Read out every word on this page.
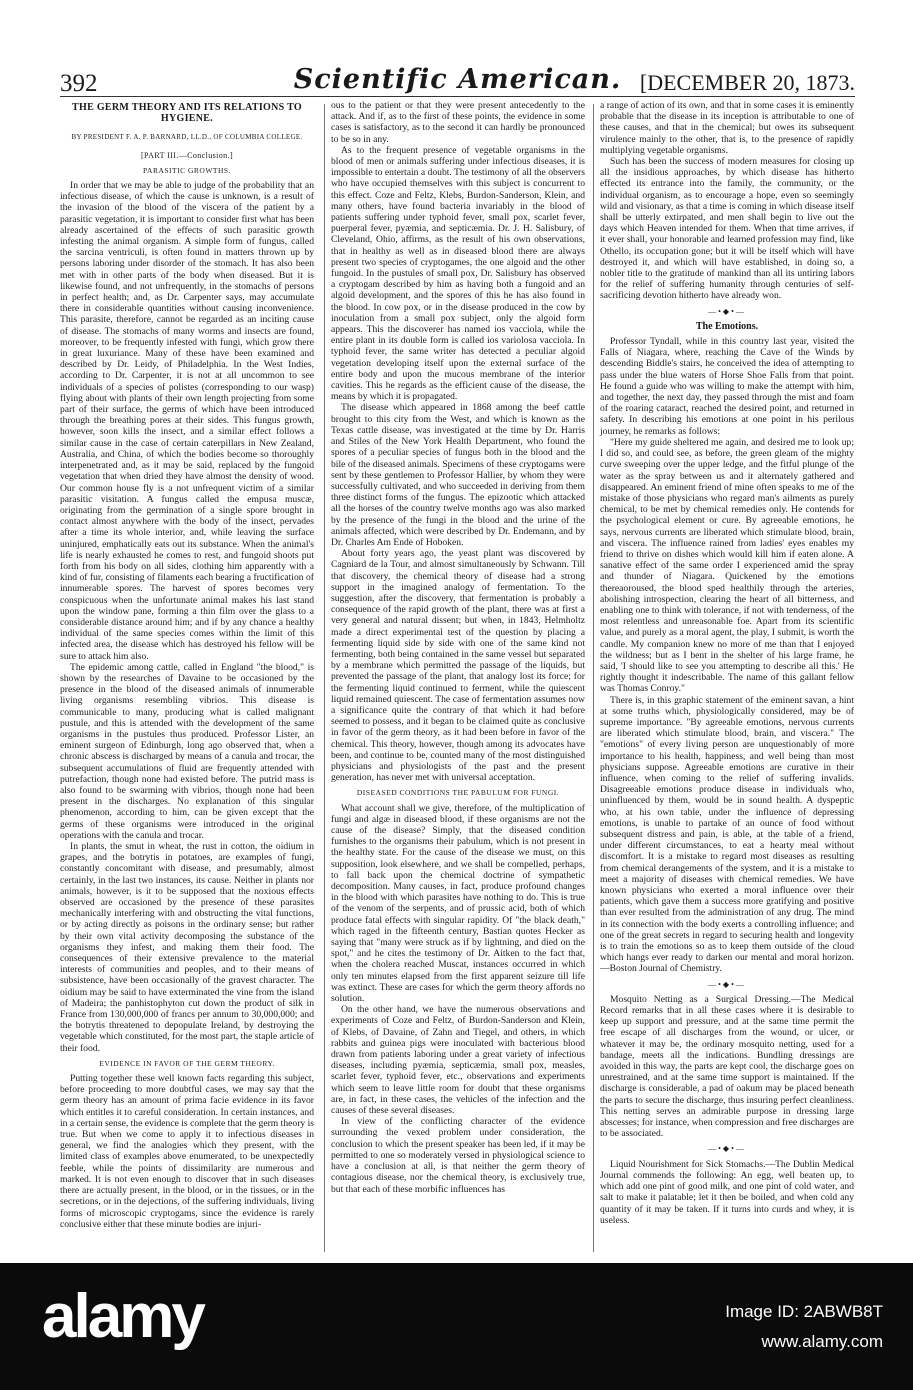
392	Scientific American. [DECEMBER 20, 1873.

THE GERM THEORY AND ITS RELATIONS TO HYGIENE.

BY PRESIDENT F. A. P. BARNARD, LL.D., OF COLUMBIA COLLEGE.

[PART III.—Conclusion.]

PARASITIC GROWTHS.

In order that we may be able to judge of the probability that an infectious disease, of which the cause is unknown, is a result of the invasion of the blood of the viscera of the patient by a parasitic vegetation, it is important to consider first what has been already ascertained of the effects of such parasitic growth infesting the animal organism. A simple form of fungus, called the sarcina ventriculi, is often found in matters thrown up by persons laboring under disorder of the stomach. It has also been met with in other parts of the body when diseased. But it is likewise found, and not unfrequently, in the stomachs of persons in perfect health; and, as Dr. Carpenter says, may accumulate there in considerable quantities without causing inconvenience. This parasite, therefore, cannot be regarded as an inciting cause of disease. The stomachs of many worms and insects are found, moreover, to be frequently infested with fungi, which grow there in great luxuriance. Many of these have been examined and described by Dr. Leidy, of Philadelphia. In the West Indies, according to Dr. Carpenter, it is not at all uncommon to see individuals of a species of polistes (corresponding to our wasp) flying about with plants of their own length projecting from some part of their surface, the germs of which have been introduced through the breathing pores at their sides. This fungus growth, however, soon kills the insect, and a similar effect follows a similar cause in the case of certain caterpillars in New Zealand, Australia, and China, of which the bodies become so thoroughly interpenetrated and, as it may be said, replaced by the fungoid vegetation that when dried they have almost the density of wood. Our common house fly is a not unfrequent victim of a similar parasitic visitation. A fungus called the empusa muscæ, originating from the germination of a single spore brought in contact almost anywhere with the body of the insect, pervades after a time its whole interior, and, while leaving the surface uninjured, emphatically eats out its substance. When the animal's life is nearly exhausted he comes to rest, and fungoid shoots put forth from his body on all sides, clothing him apparently with a kind of fur, consisting of filaments each bearing a fructification of innumerable spores. The harvest of spores becomes very conspicuous when the unfortunate animal makes his last stand upon the window pane, forming a thin film over the glass to a considerable distance around him; and if by any chance a healthy individual of the same species comes within the limit of this infected area, the disease which has destroyed his fellow will be sure to attack him also.

The epidemic among cattle, called in England "the blood," is shown by the researches of Davaine to be occasioned by the presence in the blood of the diseased animals of innumerable living organisms resembling vibrios. This disease is communicable to many, producing what is called malignant pustule, and this is attended with the development of the same organisms in the pustules thus produced. Professor Lister, an eminent surgeon of Edinburgh, long ago observed that, when a chronic abscess is discharged by means of a canula and trocar, the subsequent accumulations of fluid are frequently attended with putrefaction, though none had existed before. The putrid mass is also found to be swarming with vibrios, though none had been present in the discharges. No explanation of this singular phenomenon, according to him, can be given except that the germs of these organisms were introduced in the original operations with the canula and trocar.

In plants, the smut in wheat, the rust in cotton, the oidium in grapes, and the botrytis in potatoes, are examples of fungi, constantly concomitant with disease, and presumably, almost certainly, in the last two instances, its cause. Neither in plants nor animals, however, is it to be supposed that the noxious effects observed are occasioned by the presence of these parasites mechanically interfering with and obstructing the vital functions, or by acting directly as poisons in the ordinary sense; but rather by their own vital activity decomposing the substance of the organisms they infest, and making them their food. The consequences of their extensive prevalence to the material interests of communities and peoples, and to their means of subsistence, have been occasionally of the gravest character. The oidium may be said to have exterminated the vine from the island of Madeira; the panhistophyton cut down the product of silk in France from 130,000,000 of francs per annum to 30,000,000; and the botrytis threatened to depopulate Ireland, by destroying the vegetable which constituted, for the most part, the staple article of their food.

EVIDENCE IN FAVOR OF THE GERM THEORY.

Putting together these well known facts regarding this subject, before proceeding to more doubtful cases, we may say that the germ theory has an amount of prima facie evidence in its favor which entitles it to careful consideration. In certain instances, and in a certain sense, the evidence is complete that the germ theory is true. But when we come to apply it to infectious diseases in general, we find the analogies which they present, with the limited class of examples above enumerated, to be unexpectedly feeble, while the points of dissimilarity are numerous and marked. It is not even enough to discover that in such diseases there are actually present, in the blood, or in the tissues, or in the secretions, or in the dejections, of the suffering individuals, living forms of microscopic cryptogams, since the evidence is rarely conclusive either that these minute bodies are injuri-

ous to the patient or that they were present antecedently to the attack. And if, as to the first of these points, the evidence in some cases is satisfactory, as to the second it can hardly be pronounced to be so in any.

As to the frequent presence of vegetable organisms in the blood of men or animals suffering under infectious diseases, it is impossible to entertain a doubt. The testimony of all the observers who have occupied themselves with this subject is concurrent to this effect. Coze and Feltz, Klebs, Burdon-Sanderson, Klein, and many others, have found bacteria invariably in the blood of patients suffering under typhoid fever, small pox, scarlet fever, puerperal fever, pyæmia, and septicæmia. Dr. J. H. Salisbury, of Cleveland, Ohio, affirms, as the result of his own observations, that in healthy as well as in diseased blood there are always present two species of cryptogames, the one algoid and the other fungoid. In the pustules of small pox, Dr. Salisbury has observed a cryptogam described by him as having both a fungoid and an algoid development, and the spores of this he has also found in the blood. In cow pox, or in the disease produced in the cow by inoculation from a small pox subject, only the algoid form appears. This the discoverer has named ios vacciola, while the entire plant in its double form is called ios variolosa vacciola. In typhoid fever, the same writer has detected a peculiar algoid vegetation developing itself upon the external surface of the entire body and upon the mucous membrane of the interior cavities. This he regards as the efficient cause of the disease, the means by which it is propagated.

The disease which appeared in 1868 among the beef cattle brought to this city from the West, and which is known as the Texas cattle disease, was investigated at the time by Dr. Harris and Stiles of the New York Health Department, who found the spores of a peculiar species of fungus both in the blood and the bile of the diseased animals. Specimens of these cryptogams were sent by these gentlemen to Professor Hallier, by whom they were successfully cultivated, and who succeeded in deriving from them three distinct forms of the fungus. The epizootic which attacked all the horses of the country twelve months ago was also marked by the presence of the fungi in the blood and the urine of the animals affected, which were described by Dr. Endemann, and by Dr. Charles Am Ende of Hoboken.

About forty years ago, the yeast plant was discovered by Cagniard de la Tour, and almost simultaneously by Schwann. Till that discovery, the chemical theory of disease had a strong support in the imagined analogy of fermentation. To the suggestion, after the discovery, that fermentation is probably a consequence of the rapid growth of the plant, there was at first a very general and natural dissent; but when, in 1843, Helmholtz made a direct experimental test of the question by placing a fermenting liquid side by side with one of the same kind not fermenting, both being contained in the same vessel but separated by a membrane which permitted the passage of the liquids, but prevented the passage of the plant, that analogy lost its force; for the fermenting liquid continued to ferment, while the quiescent liquid remained quiescent. The case of fermentation assumes now a significance quite the contrary of that which it had before seemed to possess, and it began to be claimed quite as conclusive in favor of the germ theory, as it had been before in favor of the chemical. This theory, however, though among its advocates have been, and continue to be, counted many of the most distinguished physicians and physiologists of the past and the present generation, has never met with universal acceptation.

DISEASED CONDITIONS THE PABULUM FOR FUNGI.

What account shall we give, therefore, of the multiplication of fungi and algæ in diseased blood, if these organisms are not the cause of the disease? Simply, that the diseased condition furnishes to the organisms their pabulum, which is not present in the healthy state. For the cause of the disease we must, on this supposition, look elsewhere, and we shall be compelled, perhaps, to fall back upon the chemical doctrine of sympathetic decomposition. Many causes, in fact, produce profound changes in the blood with which parasites have nothing to do. This is true of the venom of the serpents, and of prussic acid, both of which produce fatal effects with singular rapidity. Of "the black death," which raged in the fifteenth century, Bastian quotes Hecker as saying that "many were struck as if by lightning, and died on the spot," and he cites the testimony of Dr. Aitken to the fact that, when the cholera reached Muscat, instances occurred in which only ten minutes elapsed from the first apparent seizure till life was extinct. These are cases for which the germ theory affords no solution.

On the other hand, we have the numerous observations and experiments of Coze and Feltz, of Burdon-Sanderson and Klein, of Klebs, of Davaine, of Zahn and Tiegel, and others, in which rabbits and guinea pigs were inoculated with bacterious blood drawn from patients laboring under a great variety of infectious diseases, including pyæmia, septicæmia, small pox, measles, scarlet fever, typhoid fever, etc., observations and experiments which seem to leave little room for doubt that these organisms are, in fact, in these cases, the vehicles of the infection and the causes of these several diseases.

In view of the conflicting character of the evidence surrounding the vexed problem under consideration, the conclusion to which the present speaker has been led, if it may be permitted to one so moderately versed in physiological science to have a conclusion at all, is that neither the germ theory of contagious disease, nor the chemical theory, is exclusively true, but that each of these morbific influences has

a range of action of its own, and that in some cases it is eminently probable that the disease in its inception is attributable to one of these causes, and that in the chemical; but owes its subsequent virulence mainly to the other, that is, to the presence of rapidly multiplying vegetable organisms.

Such has been the success of modern measures for closing up all the insidious approaches, by which disease has hitherto effected its entrance into the family, the community, or the individual organism, as to encourage a hope, even so seemingly wild and visionary, as that a time is coming in which disease itself shall be utterly extirpated, and men shall begin to live out the days which Heaven intended for them. When that time arrives, if it ever shall, your honorable and learned profession may find, like Othello, its occupation gone; but it will be itself which will have destroyed it, and which will have established, in doing so, a nobler title to the gratitude of mankind than all its untiring labors for the relief of suffering humanity through centuries of self-sacrificing devotion hitherto have already won.

—•◆•—

The Emotions.

Professor Tyndall, while in this country last year, visited the Falls of Niagara, where, reaching the Cave of the Winds by descending Biddle's stairs, he conceived the idea of attempting to pass under the blue waters of Horse Shoe Falls from that point. He found a guide who was willing to make the attempt with him, and together, the next day, they passed through the mist and foam of the roaring cataract, reached the desired point, and returned in safety. In describing his emotions at one point in his perilous journey, he remarks as follows:

"Here my guide sheltered me again, and desired me to look up; I did so, and could see, as before, the green gleam of the mighty curve sweeping over the upper ledge, and the fitful plunge of the water as the spray between us and it alternately gathered and disappeared. An eminent friend of mine often speaks to me of the mistake of those physicians who regard man's ailments as purely chemical, to be met by chemical remedies only. He contends for the psychological element or cure. By agreeable emotions, he says, nervous currents are liberated which stimulate blood, brain, and viscera. The influence rained from ladies' eyes enables my friend to thrive on dishes which would kill him if eaten alone. A sanative effect of the same order I experienced amid the spray and thunder of Niagara. Quickened by the emotions thereaoroused, the blood sped healthily through the arteries, abolishing introspection, clearing the heart of all bitterness, and enabling one to think with tolerance, if not with tenderness, of the most relentless and unreasonable foe. Apart from its scientific value, and purely as a moral agent, the play, I submit, is worth the candle. My companion knew no more of me than that I enjoyed the wildness; but as I bent in the shelter of his large frame, he said, 'I should like to see you attempting to describe all this.' He rightly thought it indescribable. The name of this gallant fellow was Thomas Conroy."

There is, in this graphic statement of the eminent savan, a hint at some truths which, physiologically considered, may be of supreme importance. "By agreeable emotions, nervous currents are liberated which stimulate blood, brain, and viscera." The "emotions" of every living person are unquestionably of more importance to his health, happiness, and well being than most physicians suppose. Agreeable emotions are curative in their influence, when coming to the relief of suffering invalids. Disagreeable emotions produce disease in individuals who, uninfluenced by them, would be in sound health. A dyspeptic who, at his own table, under the influence of depressing emotions, is unable to partake of an ounce of food without subsequent distress and pain, is able, at the table of a friend, under different circumstances, to eat a hearty meal without discomfort. It is a mistake to regard most diseases as resulting from chemical derangements of the system, and it is a mistake to meet a majority of diseases with chemical remedies. We have known physicians who exerted a moral influence over their patients, which gave them a success more gratifying and positive than ever resulted from the administration of any drug. The mind in its connection with the body exerts a controlling influence; and one of the great secrets in regard to securing health and longevity is to train the emotions so as to keep them outside of the cloud which hangs ever ready to darken our mental and moral horizon.—Boston Journal of Chemistry.

—•◆•—

Mosquito Netting as a Surgical Dressing.—The Medical Record remarks that in all these cases where it is desirable to keep up support and pressure, and at the same time permit the free escape of all discharges from the wound, or ulcer, or whatever it may be, the ordinary mosquito netting, used for a bandage, meets all the indications. Bundling dressings are avoided in this way, the parts are kept cool, the discharge goes on unrestrained, and at the same time support is maintained. If the discharge is considerable, a pad of oakum may be placed beneath the parts to secure the discharge, thus insuring perfect cleanliness. This netting serves an admirable purpose in dressing large abscesses; for instance, when compression and free discharges are to be associated.

—•◆•—

Liquid Nourishment for Sick Stomachs.—The Dublin Medical Journal commends the following: An egg, well beaten up, to which add one pint of good milk, and one pint of cold water, and salt to make it palatable; let it then be boiled, and when cold any quantity of it may be taken. If it turns into curds and whey, it is useless.

alamy	Image ID: 2ABWB8T
www.alamy.com
